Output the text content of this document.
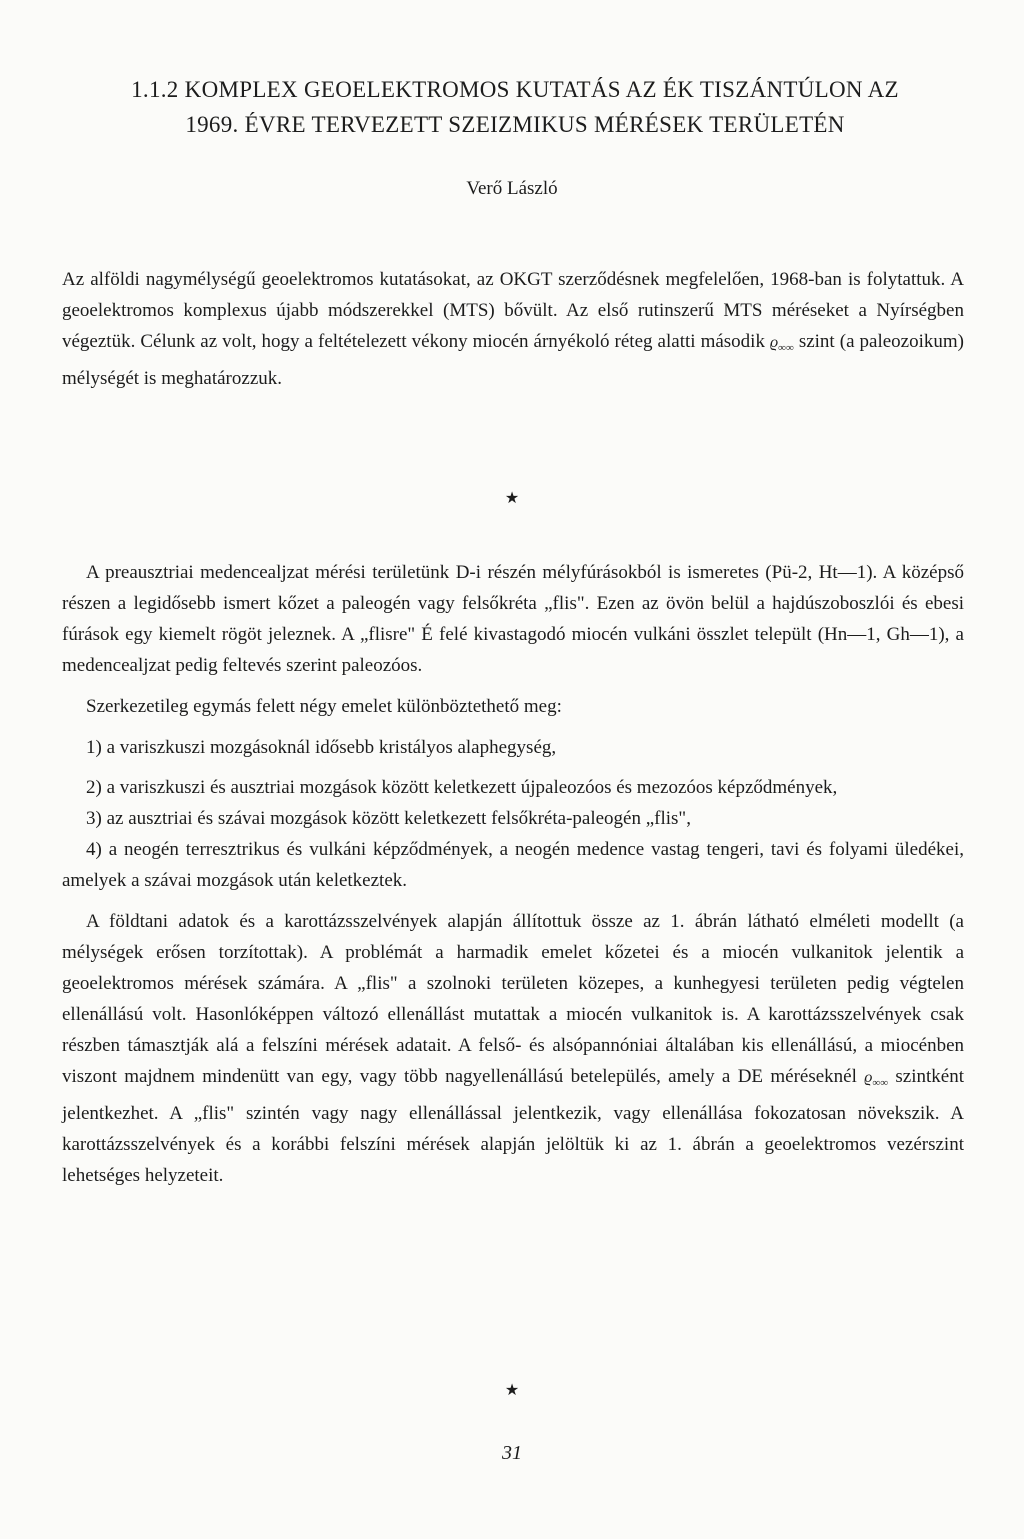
1.1.2 KOMPLEX GEOELEKTROMOS KUTATÁS AZ ÉK TISZÁNTÚLON AZ
1969. ÉVRE TERVEZETT SZEIZMIKUS MÉRÉSEK TERÜLETÉN
Verő László

Az alföldi nagymélységű geoelektromos kutatásokat, az OKGT szerződésnek megfelelően, 1968-ban is folytattuk. A geoelektromos komplexus újabb módszerekkel (MTS) bővült. Az első rutinszerű MTS méréseket a Nyírségben végeztük. Célunk az volt, hogy a feltételezett vékony miocén árnyékoló réteg alatti második $ϱ_{\infty\infty}$ szint (a paleozoikum) mélységét is meghatározzuk.

★

A preausztriai medencealjzat mérési területünk D-i részén mélyfúrásokból is ismeretes (Pü-2, Ht—1). A középső részen a legidősebb ismert kőzet a paleogén vagy felsőkréta „flis". Ezen az övön belül a hajdúszoboszlói és ebesi fúrások egy kiemelt rögöt jeleznek. A „flisre" É felé kivastagodó miocén vulkáni összlet települt (Hn—1, Gh—1), a medencealjzat pedig feltevés szerint paleozóos.

Szerkezetileg egymás felett négy emelet különböztethető meg:

1) a variszkuszi mozgásoknál idősebb kristályos alaphegység,

2) a variszkuszi és ausztriai mozgások között keletkezett újpaleozóos és mezozóos képződmények,

3) az ausztriai és szávai mozgások között keletkezett felsőkréta-paleogén „flis",

4) a neogén terresztrikus és vulkáni képződmények, a neogén medence vastag tengeri, tavi és folyami üledékei, amelyek a szávai mozgások után keletkeztek.

A földtani adatok és a karottázsszelvények alapján állítottuk össze az 1. ábrán látható elméleti modellt (a mélységek erősen torzítottak). A problémát a harmadik emelet kőzetei és a miocén vulkanitok jelentik a geoelektromos mérések számára. A „flis" a szolnoki területen közepes, a kunhegyesi területen pedig végtelen ellenállású volt. Hasonlóképpen változó ellenállást mutattak a miocén vulkanitok is. A karottázsszelvények csak részben támasztják alá a felszíni mérések adatait. A felső- és alsópannóniai általában kis ellenállású, a miocénben viszont majdnem mindenütt van egy, vagy több nagyellenállású betelepülés, amely a DE méréseknél $ϱ_{\infty\infty}$ szintként jelentkezhet. A „flis" szintén vagy nagy ellenállással jelentkezik, vagy ellenállása fokozatosan növekszik. A karottázsszelvények és a korábbi felszíni mérések alapján jelöltük ki az 1. ábrán a geoelektromos vezérszint lehetséges helyzeteit.

★
31
